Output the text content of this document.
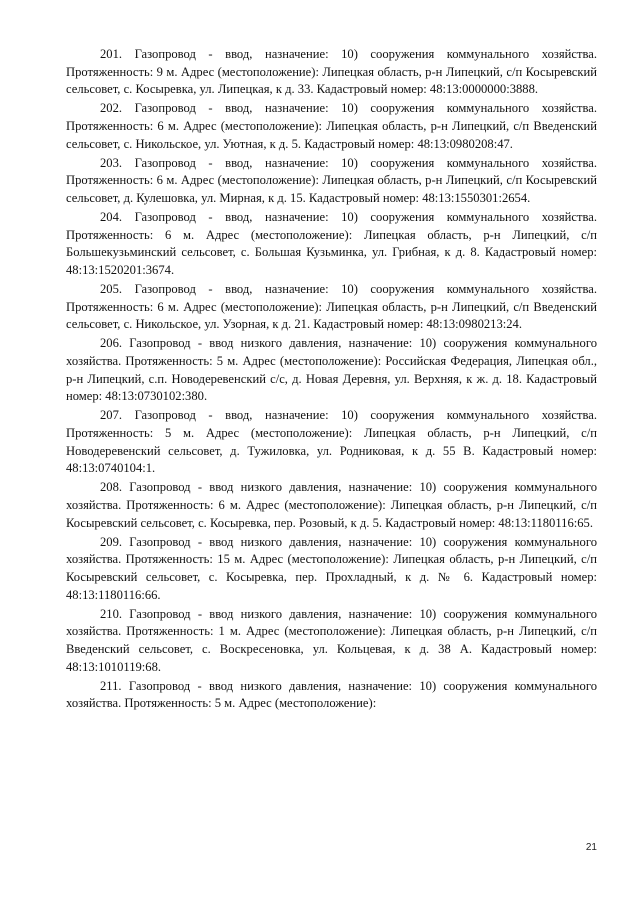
201. Газопровод - ввод, назначение: 10) сооружения коммунального хозяйства. Протяженность: 9 м. Адрес (местоположение): Липецкая область, р-н Липецкий, с/п Косыревский сельсовет, с. Косыревка, ул. Липецкая, к д. 33. Кадастровый номер: 48:13:0000000:3888.

202. Газопровод - ввод, назначение: 10) сооружения коммунального хозяйства. Протяженность: 6 м. Адрес (местоположение): Липецкая область, р-н Липецкий, с/п Введенский сельсовет, с. Никольское, ул. Уютная, к д. 5. Кадастровый номер: 48:13:0980208:47.

203. Газопровод - ввод, назначение: 10) сооружения коммунального хозяйства. Протяженность: 6 м. Адрес (местоположение): Липецкая область, р-н Липецкий, с/п Косыревский сельсовет, д. Кулешовка, ул. Мирная, к д. 15. Кадастровый номер: 48:13:1550301:2654.

204. Газопровод - ввод, назначение: 10) сооружения коммунального хозяйства. Протяженность: 6 м. Адрес (местоположение): Липецкая область, р-н Липецкий, с/п Большекузьминский сельсовет, с. Большая Кузьминка, ул. Грибная, к д. 8. Кадастровый номер: 48:13:1520201:3674.

205. Газопровод - ввод, назначение: 10) сооружения коммунального хозяйства. Протяженность: 6 м. Адрес (местоположение): Липецкая область, р-н Липецкий, с/п Введенский сельсовет, с. Никольское, ул. Узорная, к д. 21. Кадастровый номер: 48:13:0980213:24.

206. Газопровод - ввод низкого давления, назначение: 10) сооружения коммунального хозяйства. Протяженность: 5 м. Адрес (местоположение): Российская Федерация, Липецкая обл., р-н Липецкий, с.п. Новодеревенский с/с, д. Новая Деревня, ул. Верхняя, к ж. д. 18. Кадастровый номер: 48:13:0730102:380.

207. Газопровод - ввод, назначение: 10) сооружения коммунального хозяйства. Протяженность: 5 м. Адрес (местоположение): Липецкая область, р-н Липецкий, с/п Новодеревенский сельсовет, д. Тужиловка, ул. Родниковая, к д. 55 В. Кадастровый номер: 48:13:0740104:1.

208. Газопровод - ввод низкого давления, назначение: 10) сооружения коммунального хозяйства. Протяженность: 6 м. Адрес (местоположение): Липецкая область, р-н Липецкий, с/п Косыревский сельсовет, с. Косыревка, пер. Розовый, к д. 5. Кадастровый номер: 48:13:1180116:65.

209. Газопровод - ввод низкого давления, назначение: 10) сооружения коммунального хозяйства. Протяженность: 15 м. Адрес (местоположение): Липецкая область, р-н Липецкий, с/п Косыревский сельсовет, с. Косыревка, пер. Прохладный, к д. № 6. Кадастровый номер: 48:13:1180116:66.

210. Газопровод - ввод низкого давления, назначение: 10) сооружения коммунального хозяйства. Протяженность: 1 м. Адрес (местоположение): Липецкая область, р-н Липецкий, с/п Введенский сельсовет, с. Воскресеновка, ул. Кольцевая, к д. 38 А. Кадастровый номер: 48:13:1010119:68.

211. Газопровод - ввод низкого давления, назначение: 10) сооружения коммунального хозяйства. Протяженность: 5 м. Адрес (местоположение):

21
